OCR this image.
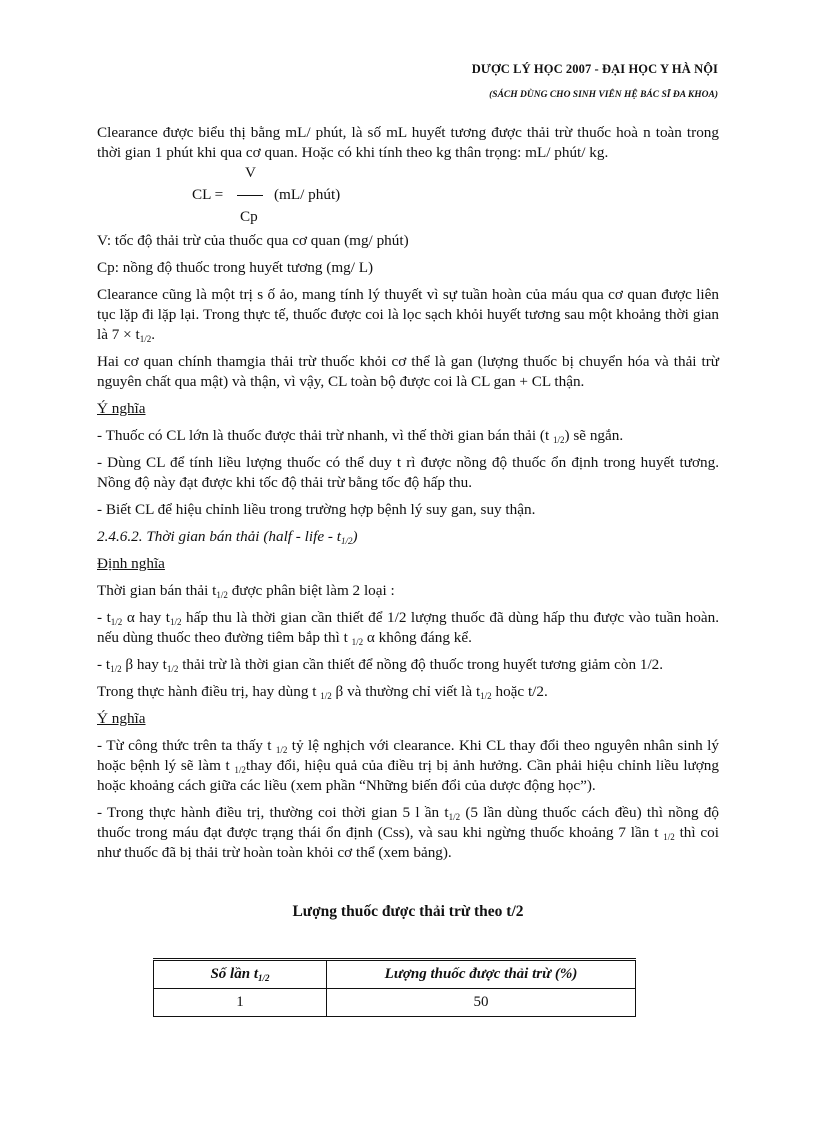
DƯỢC LÝ HỌC 2007 - ĐẠI HỌC Y HÀ NỘI
(SÁCH DÙNG CHO SINH VIÊN HỆ BÁC SĨ ĐA KHOA)

Clearance được biểu thị bằng mL/ phút, là số mL huyết tương được thải trừ thuốc hoà n toàn trong thời gian 1 phút khi qua cơ quan. Hoặc có khi tính theo kg thân trọng: mL/ phút/ kg.

V
CL =	(mL/ phút)
Cp

V: tốc độ thải trừ của thuốc qua cơ quan (mg/ phút)

Cp: nồng độ thuốc trong huyết tương (mg/ L)

Clearance cũng là một trị s ố ảo, mang tính lý thuyết vì sự tuần hoàn của máu qua cơ quan được liên tục lặp đi lặp lại. Trong thực tế, thuốc được coi là lọc sạch khỏi huyết tương sau một khoảng thời gian là $7 \times t_{1/2}$.

Hai cơ quan chính thamgia thải trừ thuốc khỏi cơ thể là gan (lượng thuốc bị chuyển hóa và thải trừ nguyên chất qua mật) và thận, vì vậy, CL toàn bộ được coi là CL gan + CL thận.

Ý nghĩa

- Thuốc có CL lớn là thuốc được thải trừ nhanh, vì thế thời gian bán thải (t $_{1/2}$) sẽ ngắn.

- Dùng CL để tính liều lượng thuốc có thể duy t rì được nồng độ thuốc ổn định trong huyết tương. Nồng độ này đạt được khi tốc độ thải trừ bằng tốc độ hấp thu.

- Biết CL để hiệu chỉnh liều trong trường hợp bệnh lý suy gan, suy thận.

2.4.6.2. Thời gian bán thải (half - life - $t_{1/2}$)

Định nghĩa

Thời gian bán thải $t_{1/2}$ được phân biệt làm 2 loại :

- $t_{1/2}$ α hay $t_{1/2}$ hấp thu là thời gian cần thiết để 1/2 lượng thuốc đã dùng hấp thu được vào tuần hoàn. nếu dùng thuốc theo đường tiêm bắp thì t $_{1/2}$ α không đáng kể.

- $t_{1/2}$ β hay $t_{1/2}$ thải trừ là thời gian cần thiết để nồng độ thuốc trong huyết tương giảm còn 1/2.

Trong thực hành điều trị, hay dùng t $_{1/2}$ β và thường chỉ viết là $t_{1/2}$ hoặc t/2.

Ý nghĩa

- Từ công thức trên ta thấy t $_{1/2}$ tỷ lệ nghịch với clearance. Khi CL thay đổi theo nguyên nhân sinh lý hoặc bệnh lý sẽ làm t $_{1/2}$thay đổi, hiệu quả của điều trị bị ảnh hưởng. Cần phải hiệu chỉnh liều lượng hoặc khoảng cách giữa các liều (xem phần “Những biến đổi của dược động học”).

- Trong thực hành điều trị, thường coi thời gian 5 l ần $t_{1/2}$ (5 lần dùng thuốc cách đều) thì nồng độ thuốc trong máu đạt được trạng thái ổn định (Css), và sau khi ngừng thuốc khoảng 7 lần t $_{1/2}$ thì coi như thuốc đã bị thải trừ hoàn toàn khỏi cơ thể (xem bảng).

Lượng thuốc được thải trừ theo t/2
Số lần $t_{1/2}$	Lượng thuốc được thải trừ (%)
1	50
